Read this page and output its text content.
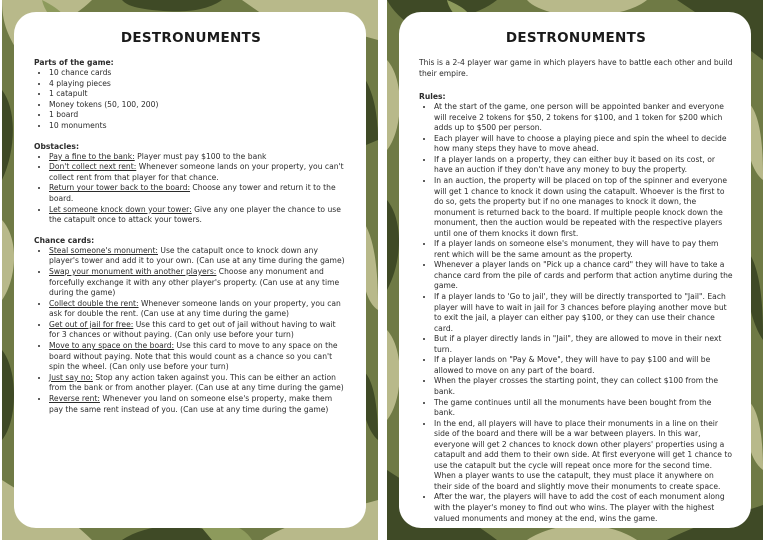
DESTRONUMENTS
Parts of the game:
• 10 chance cards
• 4 playing pieces
• 1 catapult
• Money tokens (50, 100, 200)
• 1 board
• 10 monuments
Obstacles:
• Pay a fine to the bank: Player must pay $100 to the bank
• Don't collect next rent: Whenever someone lands on your property, you can't collect rent from that player for that chance.
• Return your tower back to the board: Choose any tower and return it to the board.
• Let someone knock down your tower: Give any one player the chance to use the catapult once to attack your towers.
Chance cards:
• Steal someone's monument: Use the catapult once to knock down any player's tower and add it to your own. (Can use at any time during the game)
• Swap your monument with another players: Choose any monument and forcefully exchange it with any other player's property. (Can use at any time during the game)
• Collect double the rent: Whenever someone lands on your property, you can ask for double the rent. (Can use at any time during the game)
• Get out of jail for free: Use this card to get out of jail without having to wait for 3 chances or without paying. (Can only use before your turn)
• Move to any space on the board: Use this card to move to any space on the board without paying. Note that this would count as a chance so you can't spin the wheel. (Can only use before your turn)
• Just say no: Stop any action taken against you. This can be either an action from the bank or from another player. (Can use at any time during the game)
• Reverse rent: Whenever you land on someone else's property, make them pay the same rent instead of you. (Can use at any time during the game)
DESTRONUMENTS
This is a 2-4 player war game in which players have to battle each other and build their empire.
Rules:
• At the start of the game, one person will be appointed banker and everyone will receive 2 tokens for $50, 2 tokens for $100, and 1 token for $200 which adds up to $500 per person.
• Each player will have to choose a playing piece and spin the wheel to decide how many steps they have to move ahead.
• If a player lands on a property, they can either buy it based on its cost, or have an auction if they don't have any money to buy the property.
• In an auction, the property will be placed on top of the spinner and everyone will get 1 chance to knock it down using the catapult. Whoever is the first to do so, gets the property but if no one manages to knock it down, the monument is returned back to the board. If multiple people knock down the monument, then the auction would be repeated with the respective players until one of them knocks it down first.
• If a player lands on someone else's monument, they will have to pay them rent which will be the same amount as the property.
• Whenever a player lands on "Pick up a chance card" they will have to take a chance card from the pile of cards and perform that action anytime during the game.
• If a player lands to 'Go to jail', they will be directly transported to "Jail". Each player will have to wait in jail for 3 chances before playing another move but to exit the jail, a player can either pay $100, or they can use their chance card.
• But if a player directly lands in "Jail", they are allowed to move in their next turn.
• If a player lands on "Pay & Move", they will have to pay $100 and will be allowed to move on any part of the board.
• When the player crosses the starting point, they can collect $100 from the bank.
• The game continues until all the monuments have been bought from the bank.
• In the end, all players will have to place their monuments in a line on their side of the board and there will be a war between players. In this war, everyone will get 2 chances to knock down other players' properties using a catapult and add them to their own side. At first everyone will get 1 chance to use the catapult but the cycle will repeat once more for the second time. When a player wants to use the catapult, they must place it anywhere on their side of the board and slightly move their monuments to create space.
• After the war, the players will have to add the cost of each monument along with the player's money to find out who wins. The player with the highest valued monuments and money at the end, wins the game.
